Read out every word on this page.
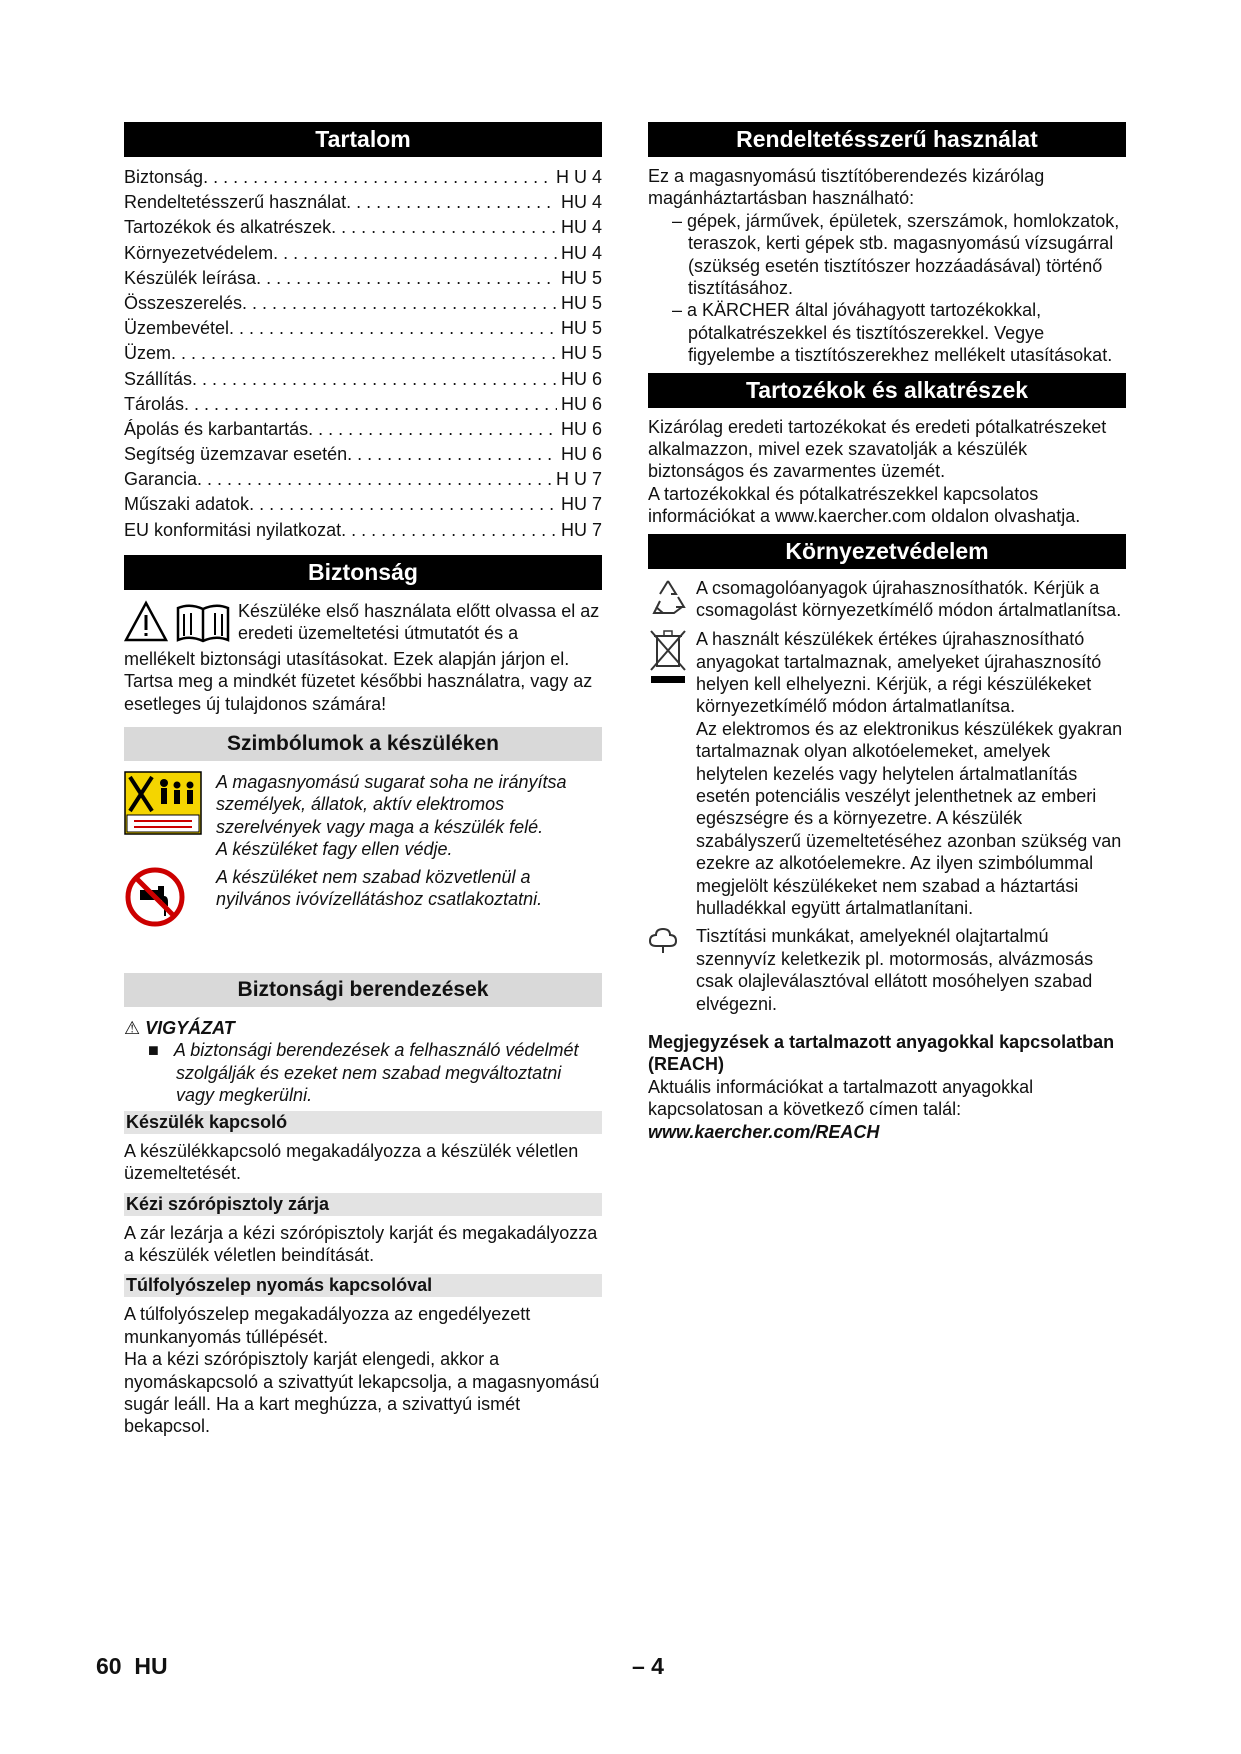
Tartalom
Biztonság . . .	H U 4
Rendeltetésszerű használat . . .	HU 4
Tartozékok és alkatrészek . . .	HU 4
Környezetvédelem . . .	HU 4
Készülék leírása . . .	HU 5
Összeszerelés . . .	HU 5
Üzembevétel . . .	HU 5
Üzem . . .	HU 5
Szállítás . . .	HU 6
Tárolás . . .	HU 6
Ápolás és karbantartás . . .	HU 6
Segítség üzemzavar esetén . . .	HU 6
Garancia . . .	H U 7
Műszaki adatok . . .	HU 7
EU konformitási nyilatkozat . . .	HU 7
Biztonság

Készüléke első használata előtt olvassa el az eredeti üzemeltetési útmutatót és a

mellékelt biztonsági utasításokat. Ezek alapján járjon el. Tartsa meg a mindkét füzetet későbbi használatra, vagy az esetleges új tulajdonos számára!

Szimbólumok a készüléken

A magasnyomású sugarat soha ne irányítsa személyek, állatok, aktív elektromos szerelvények vagy maga a készülék felé.

A készüléket fagy ellen védje.

A készüléket nem szabad közvetlenül a nyilvános ivóvízellátáshoz csatlakoztatni.

Biztonsági berendezések

⚠ VIGYÁZAT

■   A biztonsági berendezések a felhasználó védelmét szolgálják és ezeket nem szabad megváltoztatni vagy megkerülni.

Készülék kapcsoló

A készülékkapcsoló megakadályozza a készülék véletlen üzemeltetését.

Kézi szórópisztoly zárja

A zár lezárja a kézi szórópisztoly karját és megakadályozza a készülék véletlen beindítását.

Túlfolyószelep nyomás kapcsolóval

A túlfolyószelep megakadályozza az engedélyezett munkanyomás túllépését.

Ha a kézi szórópisztoly karját elengedi, akkor a nyomáskapcsoló a szivattyút lekapcsolja, a magasnyomású sugár leáll. Ha a kart meghúzza, a szivattyú ismét bekapcsol.

Rendeltetésszerű használat

Ez a magasnyomású tisztítóberendezés kizárólag magánháztartásban használható:

– gépek, járművek, épületek, szerszámok, homlokzatok, teraszok, kerti gépek stb. magasnyomású vízsugárral (szükség esetén tisztítószer hozzáadásával) történő tisztításához.

– a KÄRCHER által jóváhagyott tartozékokkal, pótalkatrészekkel és tisztítószerekkel. Vegye figyelembe a tisztítószerekhez mellékelt utasításokat.

Tartozékok és alkatrészek

Kizárólag eredeti tartozékokat és eredeti pótalkatrészeket alkalmazzon, mivel ezek szavatolják a készülék biztonságos és zavarmentes üzemét.

A tartozékokkal és pótalkatrészekkel kapcsolatos információkat a www.kaercher.com oldalon olvashatja.

Környezetvédelem

A csomagolóanyagok újrahasznosíthatók. Kérjük a csomagolást környezetkímélő módon ártalmatlanítsa.

A használt készülékek értékes újrahasznosítható anyagokat tartalmaznak, amelyeket újrahasznosító helyen kell elhelyezni. Kérjük, a régi készülékeket környezetkímélő módon ártalmatlanítsa.

Az elektromos és az elektronikus készülékek gyakran tartalmaznak olyan alkotóelemeket, amelyek helytelen kezelés vagy helytelen ártalmatlanítás esetén potenciális veszélyt jelenthetnek az emberi egészségre és a környezetre. A készülék szabályszerű üzemeltetéséhez azonban szükség van ezekre az alkotóelemekre. Az ilyen szimbólummal megjelölt készülékeket nem szabad a háztartási hulladékkal együtt ártalmatlanítani.

Tisztítási munkákat, amelyeknél olajtartalmú szennyvíz keletkezik pl. motormosás, alvázmosás csak olajleválasztóval ellátott mosóhelyen szabad elvégezni.

Megjegyzések a tartalmazott anyagokkal kapcsolatban (REACH)

Aktuális információkat a tartalmazott anyagokkal kapcsolatosan a következő címen talál:

www.kaercher.com/REACH

60 HU	– 4
